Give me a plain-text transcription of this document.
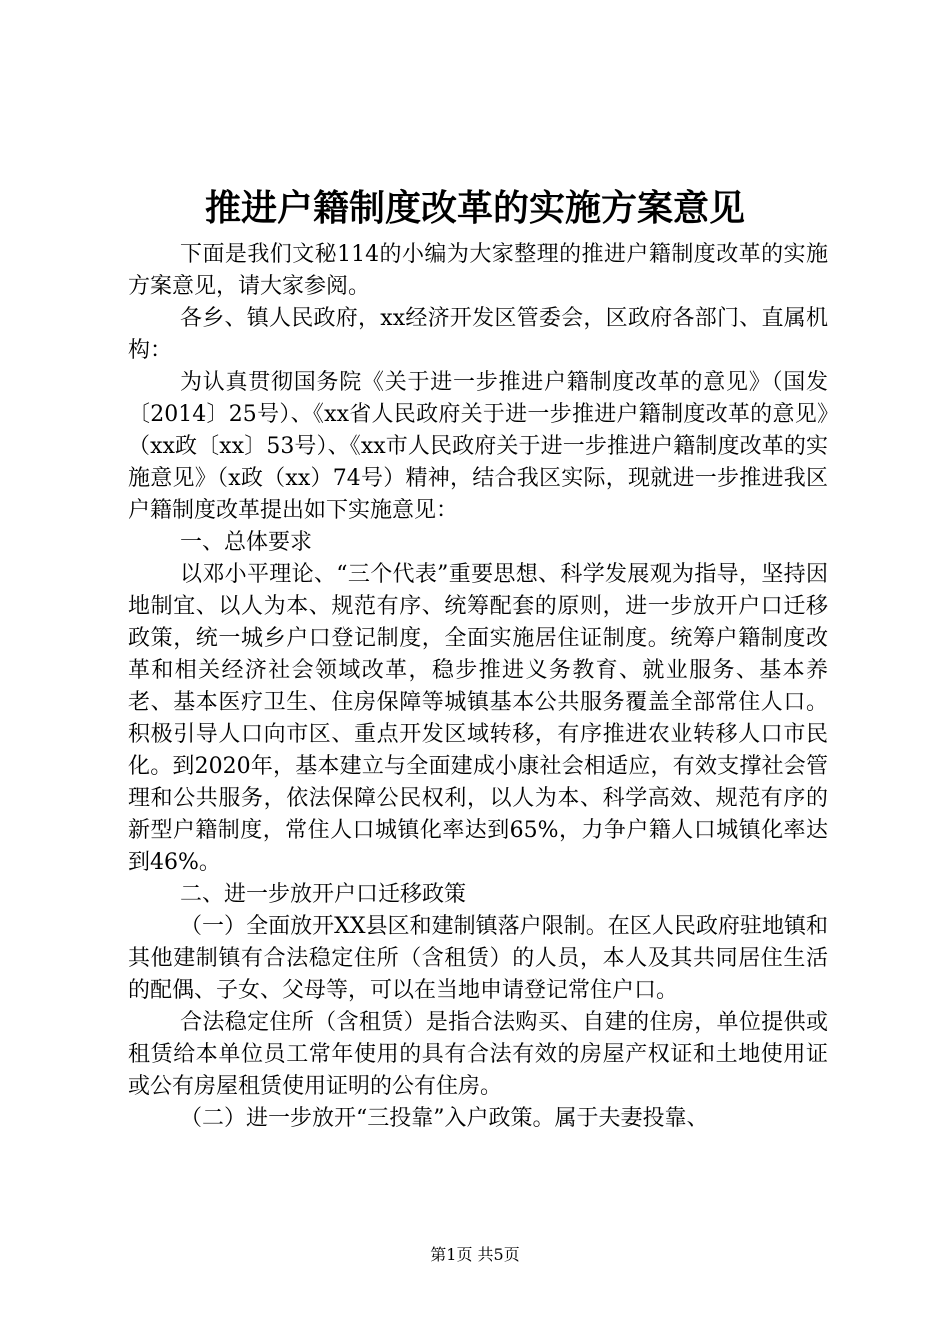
推进户籍制度改革的实施方案意见

下面是我们文秘114的小编为大家整理的推进户籍制度改革的实施方案意见，请大家参阅。

各乡、镇人民政府，xx经济开发区管委会，区政府各部门、直属机构：

为认真贯彻国务院《关于进一步推进户籍制度改革的意见》（国发〔2014〕25号）、《xx省人民政府关于进一步推进户籍制度改革的意见》（xx政〔xx〕53号）、《xx市人民政府关于进一步推进户籍制度改革的实施意见》（x政（xx）74号）精神，结合我区实际，现就进一步推进我区户籍制度改革提出如下实施意见：

一、总体要求

以邓小平理论、“三个代表”重要思想、科学发展观为指导，坚持因地制宜、以人为本、规范有序、统筹配套的原则，进一步放开户口迁移政策，统一城乡户口登记制度，全面实施居住证制度。统筹户籍制度改革和相关经济社会领域改革，稳步推进义务教育、就业服务、基本养老、基本医疗卫生、住房保障等城镇基本公共服务覆盖全部常住人口。积极引导人口向市区、重点开发区域转移，有序推进农业转移人口市民化。到2020年，基本建立与全面建成小康社会相适应，有效支撑社会管理和公共服务，依法保障公民权利，以人为本、科学高效、规范有序的新型户籍制度，常住人口城镇化率达到65%，力争户籍人口城镇化率达到46%。

二、进一步放开户口迁移政策

（一）全面放开XX县区和建制镇落户限制。在区人民政府驻地镇和其他建制镇有合法稳定住所（含租赁）的人员，本人及其共同居住生活的配偶、子女、父母等，可以在当地申请登记常住户口。

合法稳定住所（含租赁）是指合法购买、自建的住房，单位提供或租赁给本单位员工常年使用的具有合法有效的房屋产权证和土地使用证或公有房屋租赁使用证明的公有住房。

（二）进一步放开“三投靠”入户政策。属于夫妻投靠、

第1页 共5页
